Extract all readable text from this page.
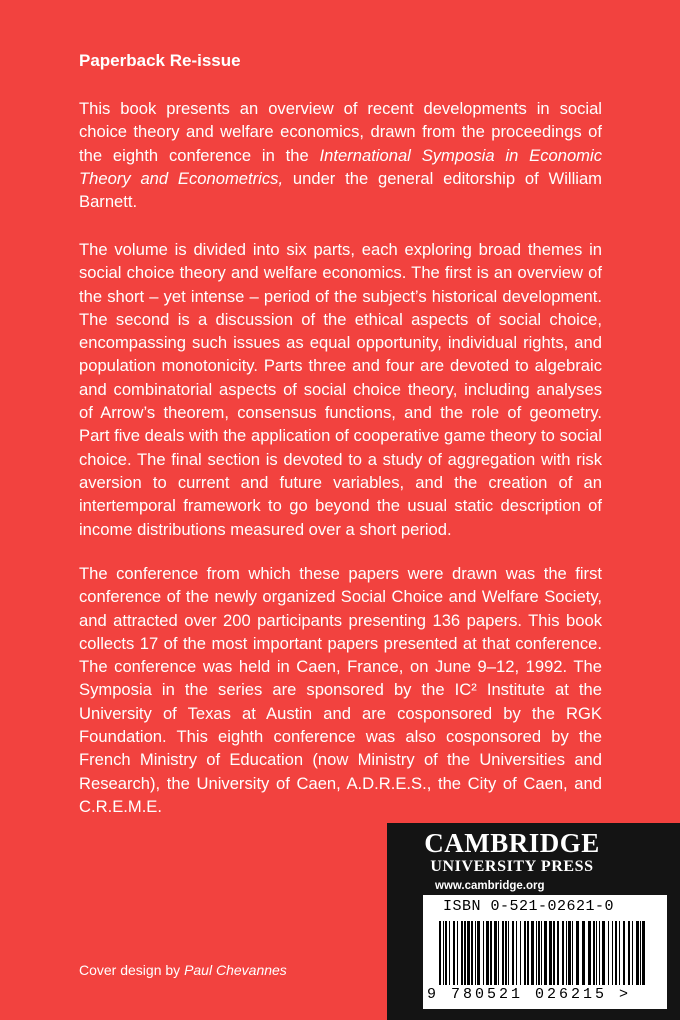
Paperback Re-issue

This book presents an overview of recent developments in social choice theory and welfare economics, drawn from the proceedings of the eighth conference in the International Symposia in Economic Theory and Econometrics, under the general editorship of William Barnett.

The volume is divided into six parts, each exploring broad themes in social choice theory and welfare economics. The first is an overview of the short – yet intense – period of the subject’s historical development. The second is a discussion of the ethical aspects of social choice, encompassing such issues as equal opportunity, individual rights, and population monotonicity. Parts three and four are devoted to algebraic and combinatorial aspects of social choice theory, including analyses of Arrow’s theorem, consensus functions, and the role of geometry. Part five deals with the application of cooperative game theory to social choice. The final section is devoted to a study of aggregation with risk aversion to current and future variables, and the creation of an intertemporal framework to go beyond the usual static description of income distributions measured over a short period.

The conference from which these papers were drawn was the first conference of the newly organized Social Choice and Welfare Society, and attracted over 200 participants presenting 136 papers. This book collects 17 of the most important papers presented at that conference. The conference was held in Caen, France, on June 9–12, 1992. The Symposia in the series are sponsored by the IC² Institute at the University of Texas at Austin and are cosponsored by the RGK Foundation. This eighth conference was also cosponsored by the French Ministry of Education (now Ministry of the Universities and Research), the University of Caen, A.D.R.E.S., the City of Caen, and C.R.E.M.E.

Cover design by Paul Chevannes
CAMBRIDGE
UNIVERSITY PRESS
www.cambridge.org
ISBN 0-521-02621-0
9 780521 026215 >
